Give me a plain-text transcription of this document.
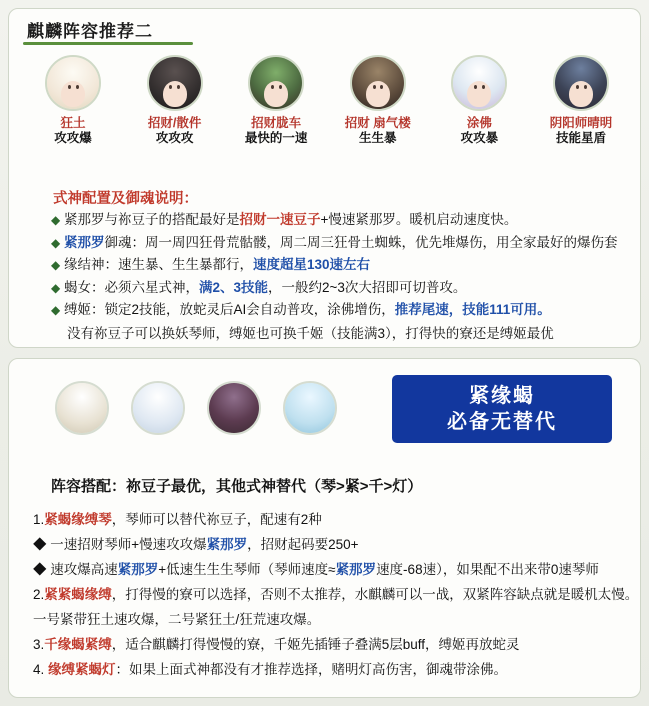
麒麟阵容推荐二
狂土
攻攻爆
招财/散件
攻攻攻
招财胧车
最快的一速
招财 扇气楼
生生暴
涂佛
攻攻暴
阴阳师晴明
技能星盾
式神配置及御魂说明：
◆ 紧那罗与祢豆子的搭配最好是招财一速豆子+慢速紧那罗。暖机启动速度快。
◆ 紧那罗御魂：周一周四狂骨荒骷髅，周二周三狂骨土蜘蛛，优先堆爆伤，用全家最好的爆伤套
◆ 缘结神：速生暴、生生暴都行，速度超星130速左右
◆ 蝎女：必须六星式神，满2、3技能，一般约2~3次大招即可切普攻。
◆ 缚姬：锁定2技能，放蛇灵后AI会自动普攻，涂佛增伤，推荐尾速，技能111可用。
没有祢豆子可以换妖琴师，缚姬也可换千姬（技能满3），打得快的寮还是缚姬最优
紧缘蝎
必备无替代
阵容搭配：祢豆子最优，其他式神替代（琴>紧>千>灯）
1.紧蝎缘缚琴，琴师可以替代祢豆子，配速有2种
◆ 一速招财琴师+慢速攻攻爆紧那罗，招财起码要250+
◆ 速攻爆高速紧那罗+低速生生生琴师（琴师速度≈紧那罗速度-68速），如果配不出来带0速琴师
2.紧紧蝎缘缚，打得慢的寮可以选择，否则不太推荐，水麒麟可以一战，双紧阵容缺点就是暖机太慢。
一号紧带狂土速攻爆，二号紧狂土/狂荒速攻爆。
3.千缘蝎紧缚，适合麒麟打得慢慢的寮，千姬先插锤子叠满5层buff，缚姬再放蛇灵
4. 缘缚紧蝎灯：如果上面式神都没有才推荐选择，赌明灯高伤害，御魂带涂佛。
